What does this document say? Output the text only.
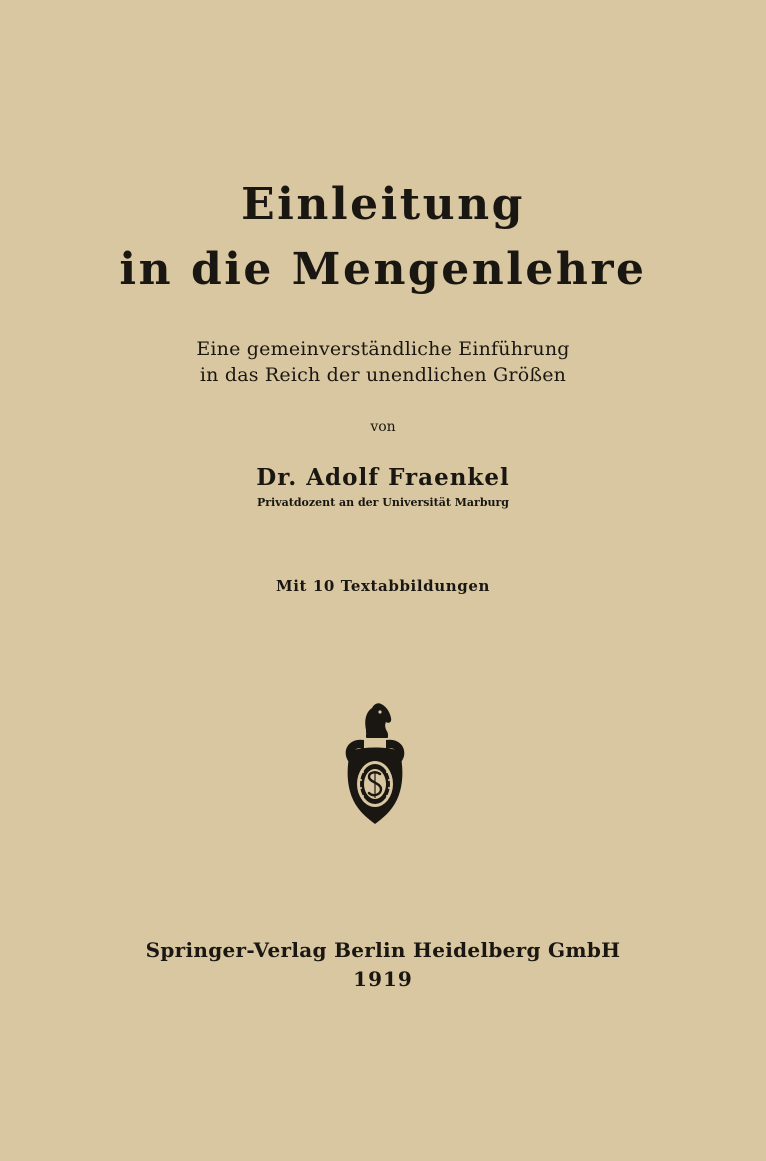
Einleitung
in die Mengenlehre
Eine gemeinverständliche Einführung
in das Reich der unendlichen Größen
von
Dr. Adolf Fraenkel
Privatdozent an der Universität Marburg
Mit 10 Textabbildungen
Springer-Verlag Berlin Heidelberg GmbH
1919
